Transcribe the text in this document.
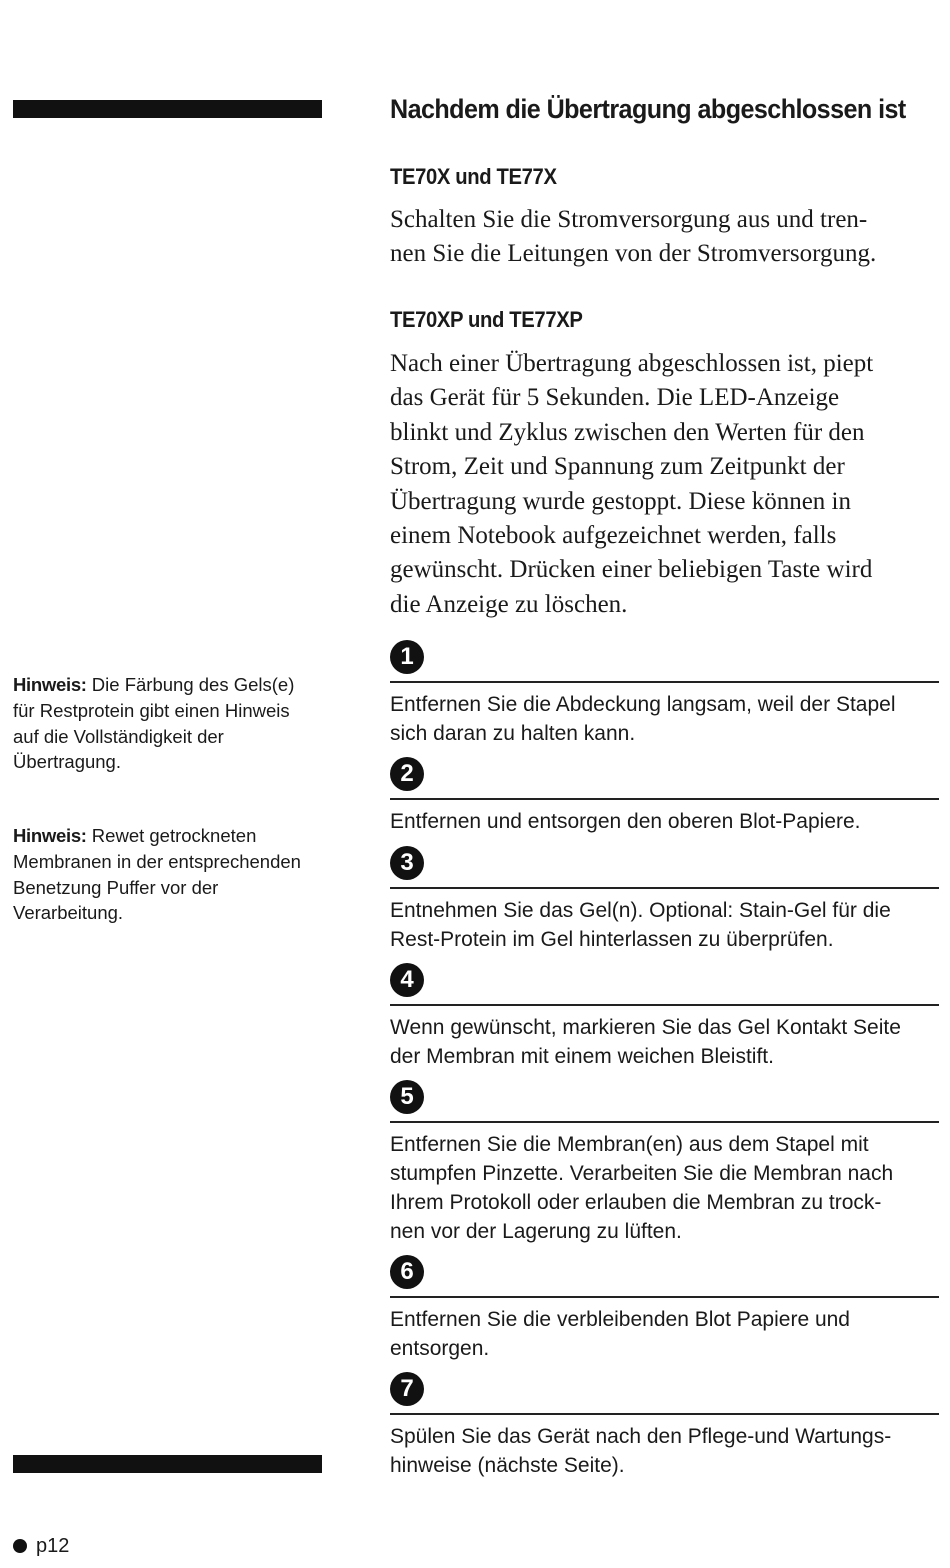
Nachdem die Übertragung abgeschlossen ist
TE70X und TE77X

Schalten Sie die Stromversorgung aus und tren-
nen Sie die Leitungen von der Stromversorgung.

TE70XP und TE77XP

Nach einer Übertragung abgeschlossen ist, piept
das Gerät für 5 Sekunden. Die LED-Anzeige
blinkt und Zyklus zwischen den Werten für den
Strom, Zeit und Spannung zum Zeitpunkt der
Übertragung wurde gestoppt. Diese können in
einem Notebook aufgezeichnet werden, falls
gewünscht. Drücken einer beliebigen Taste wird
die Anzeige zu löschen.

1

Entfernen Sie die Abdeckung langsam, weil der Stapel
sich daran zu halten kann.

2

Entfernen und entsorgen den oberen Blot-Papiere.

3

Entnehmen Sie das Gel(n). Optional: Stain-Gel für die
Rest-Protein im Gel hinterlassen zu überprüfen.

4

Wenn gewünscht, markieren Sie das Gel Kontakt Seite
der Membran mit einem weichen Bleistift.

5

Entfernen Sie die Membran(en) aus dem Stapel mit
stumpfen Pinzette. Verarbeiten Sie die Membran nach
Ihrem Protokoll oder erlauben die Membran zu trock-
nen vor der Lagerung zu lüften.

6

Entfernen Sie die verbleibenden Blot Papiere und
entsorgen.

7

Spülen Sie das Gerät nach den Pflege-und Wartungs-
hinweise (nächste Seite).

Hinweis: Die Färbung des Gels(e)
für Restprotein gibt einen Hinweis
auf die Vollständigkeit der
Übertragung.
Hinweis: Rewet getrockneten
Membranen in der entsprechenden
Benetzung Puffer vor der
Verarbeitung.
p12
